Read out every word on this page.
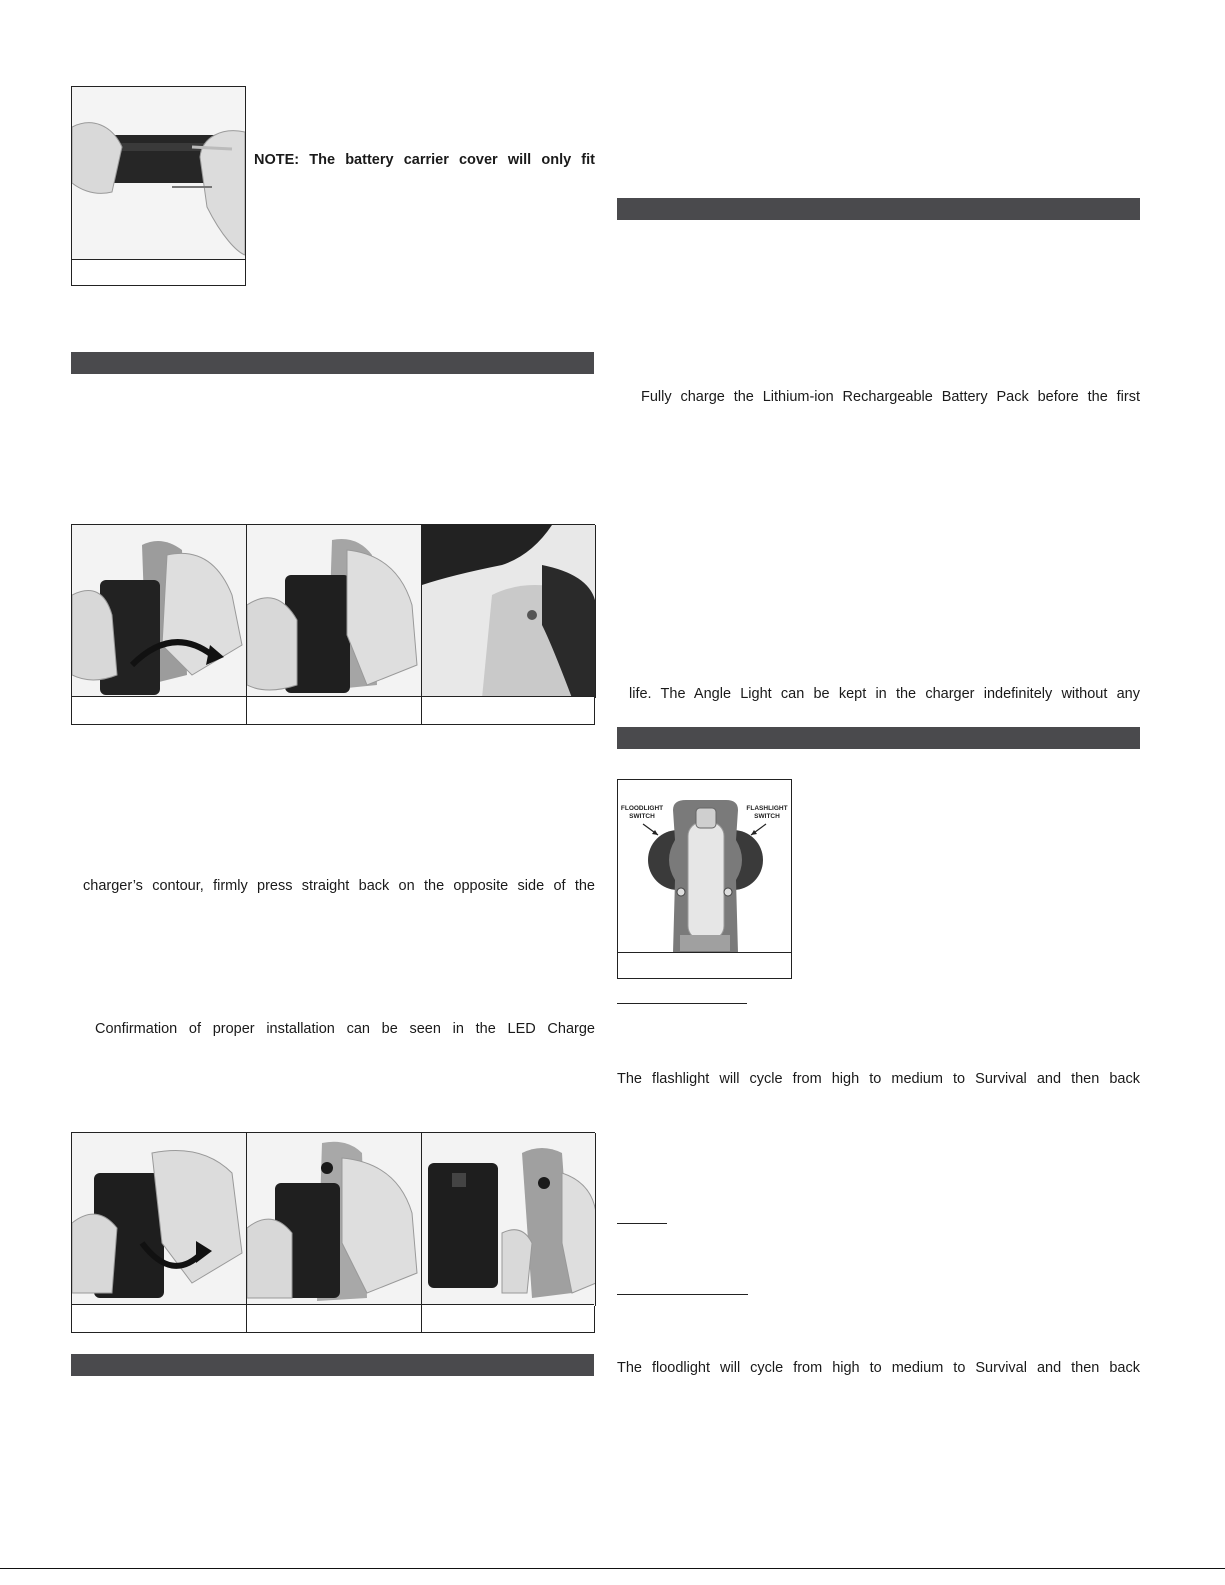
NOTE: The battery carrier cover will only fit
charger’s contour, firmly press straight back on the opposite side of the
Confirmation of proper installation can be seen in the LED Charge
Fully charge the Lithium-ion Rechargeable Battery Pack before the first
life. The Angle Light can be kept in the charger indefinitely without any
FLOODLIGHT SWITCH
FLASHLIGHT SWITCH
The flashlight will cycle from high to medium to Survival and then back
The floodlight will cycle from high to medium to Survival and then back
